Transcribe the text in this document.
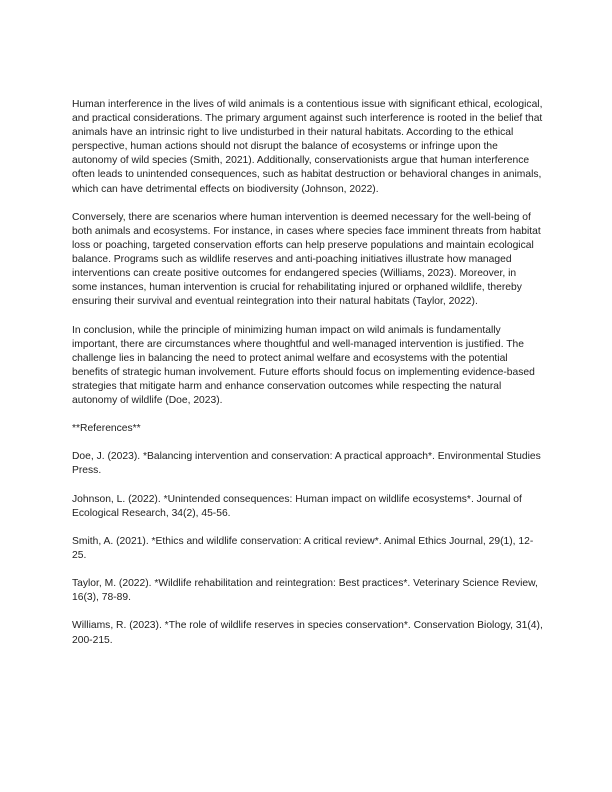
Human interference in the lives of wild animals is a contentious issue with significant ethical, ecological, and practical considerations. The primary argument against such interference is rooted in the belief that animals have an intrinsic right to live undisturbed in their natural habitats. According to the ethical perspective, human actions should not disrupt the balance of ecosystems or infringe upon the autonomy of wild species (Smith, 2021). Additionally, conservationists argue that human interference often leads to unintended consequences, such as habitat destruction or behavioral changes in animals, which can have detrimental effects on biodiversity (Johnson, 2022).

Conversely, there are scenarios where human intervention is deemed necessary for the well-being of both animals and ecosystems. For instance, in cases where species face imminent threats from habitat loss or poaching, targeted conservation efforts can help preserve populations and maintain ecological balance. Programs such as wildlife reserves and anti-poaching initiatives illustrate how managed interventions can create positive outcomes for endangered species (Williams, 2023). Moreover, in some instances, human intervention is crucial for rehabilitating injured or orphaned wildlife, thereby ensuring their survival and eventual reintegration into their natural habitats (Taylor, 2022).

In conclusion, while the principle of minimizing human impact on wild animals is fundamentally important, there are circumstances where thoughtful and well-managed intervention is justified. The challenge lies in balancing the need to protect animal welfare and ecosystems with the potential benefits of strategic human involvement. Future efforts should focus on implementing evidence-based strategies that mitigate harm and enhance conservation outcomes while respecting the natural autonomy of wildlife (Doe, 2023).

**References**

Doe, J. (2023). *Balancing intervention and conservation: A practical approach*. Environmental Studies Press.

Johnson, L. (2022). *Unintended consequences: Human impact on wildlife ecosystems*. Journal of Ecological Research, 34(2), 45-56.

Smith, A. (2021). *Ethics and wildlife conservation: A critical review*. Animal Ethics Journal, 29(1), 12-25.

Taylor, M. (2022). *Wildlife rehabilitation and reintegration: Best practices*. Veterinary Science Review, 16(3), 78-89.

Williams, R. (2023). *The role of wildlife reserves in species conservation*. Conservation Biology, 31(4), 200-215.
